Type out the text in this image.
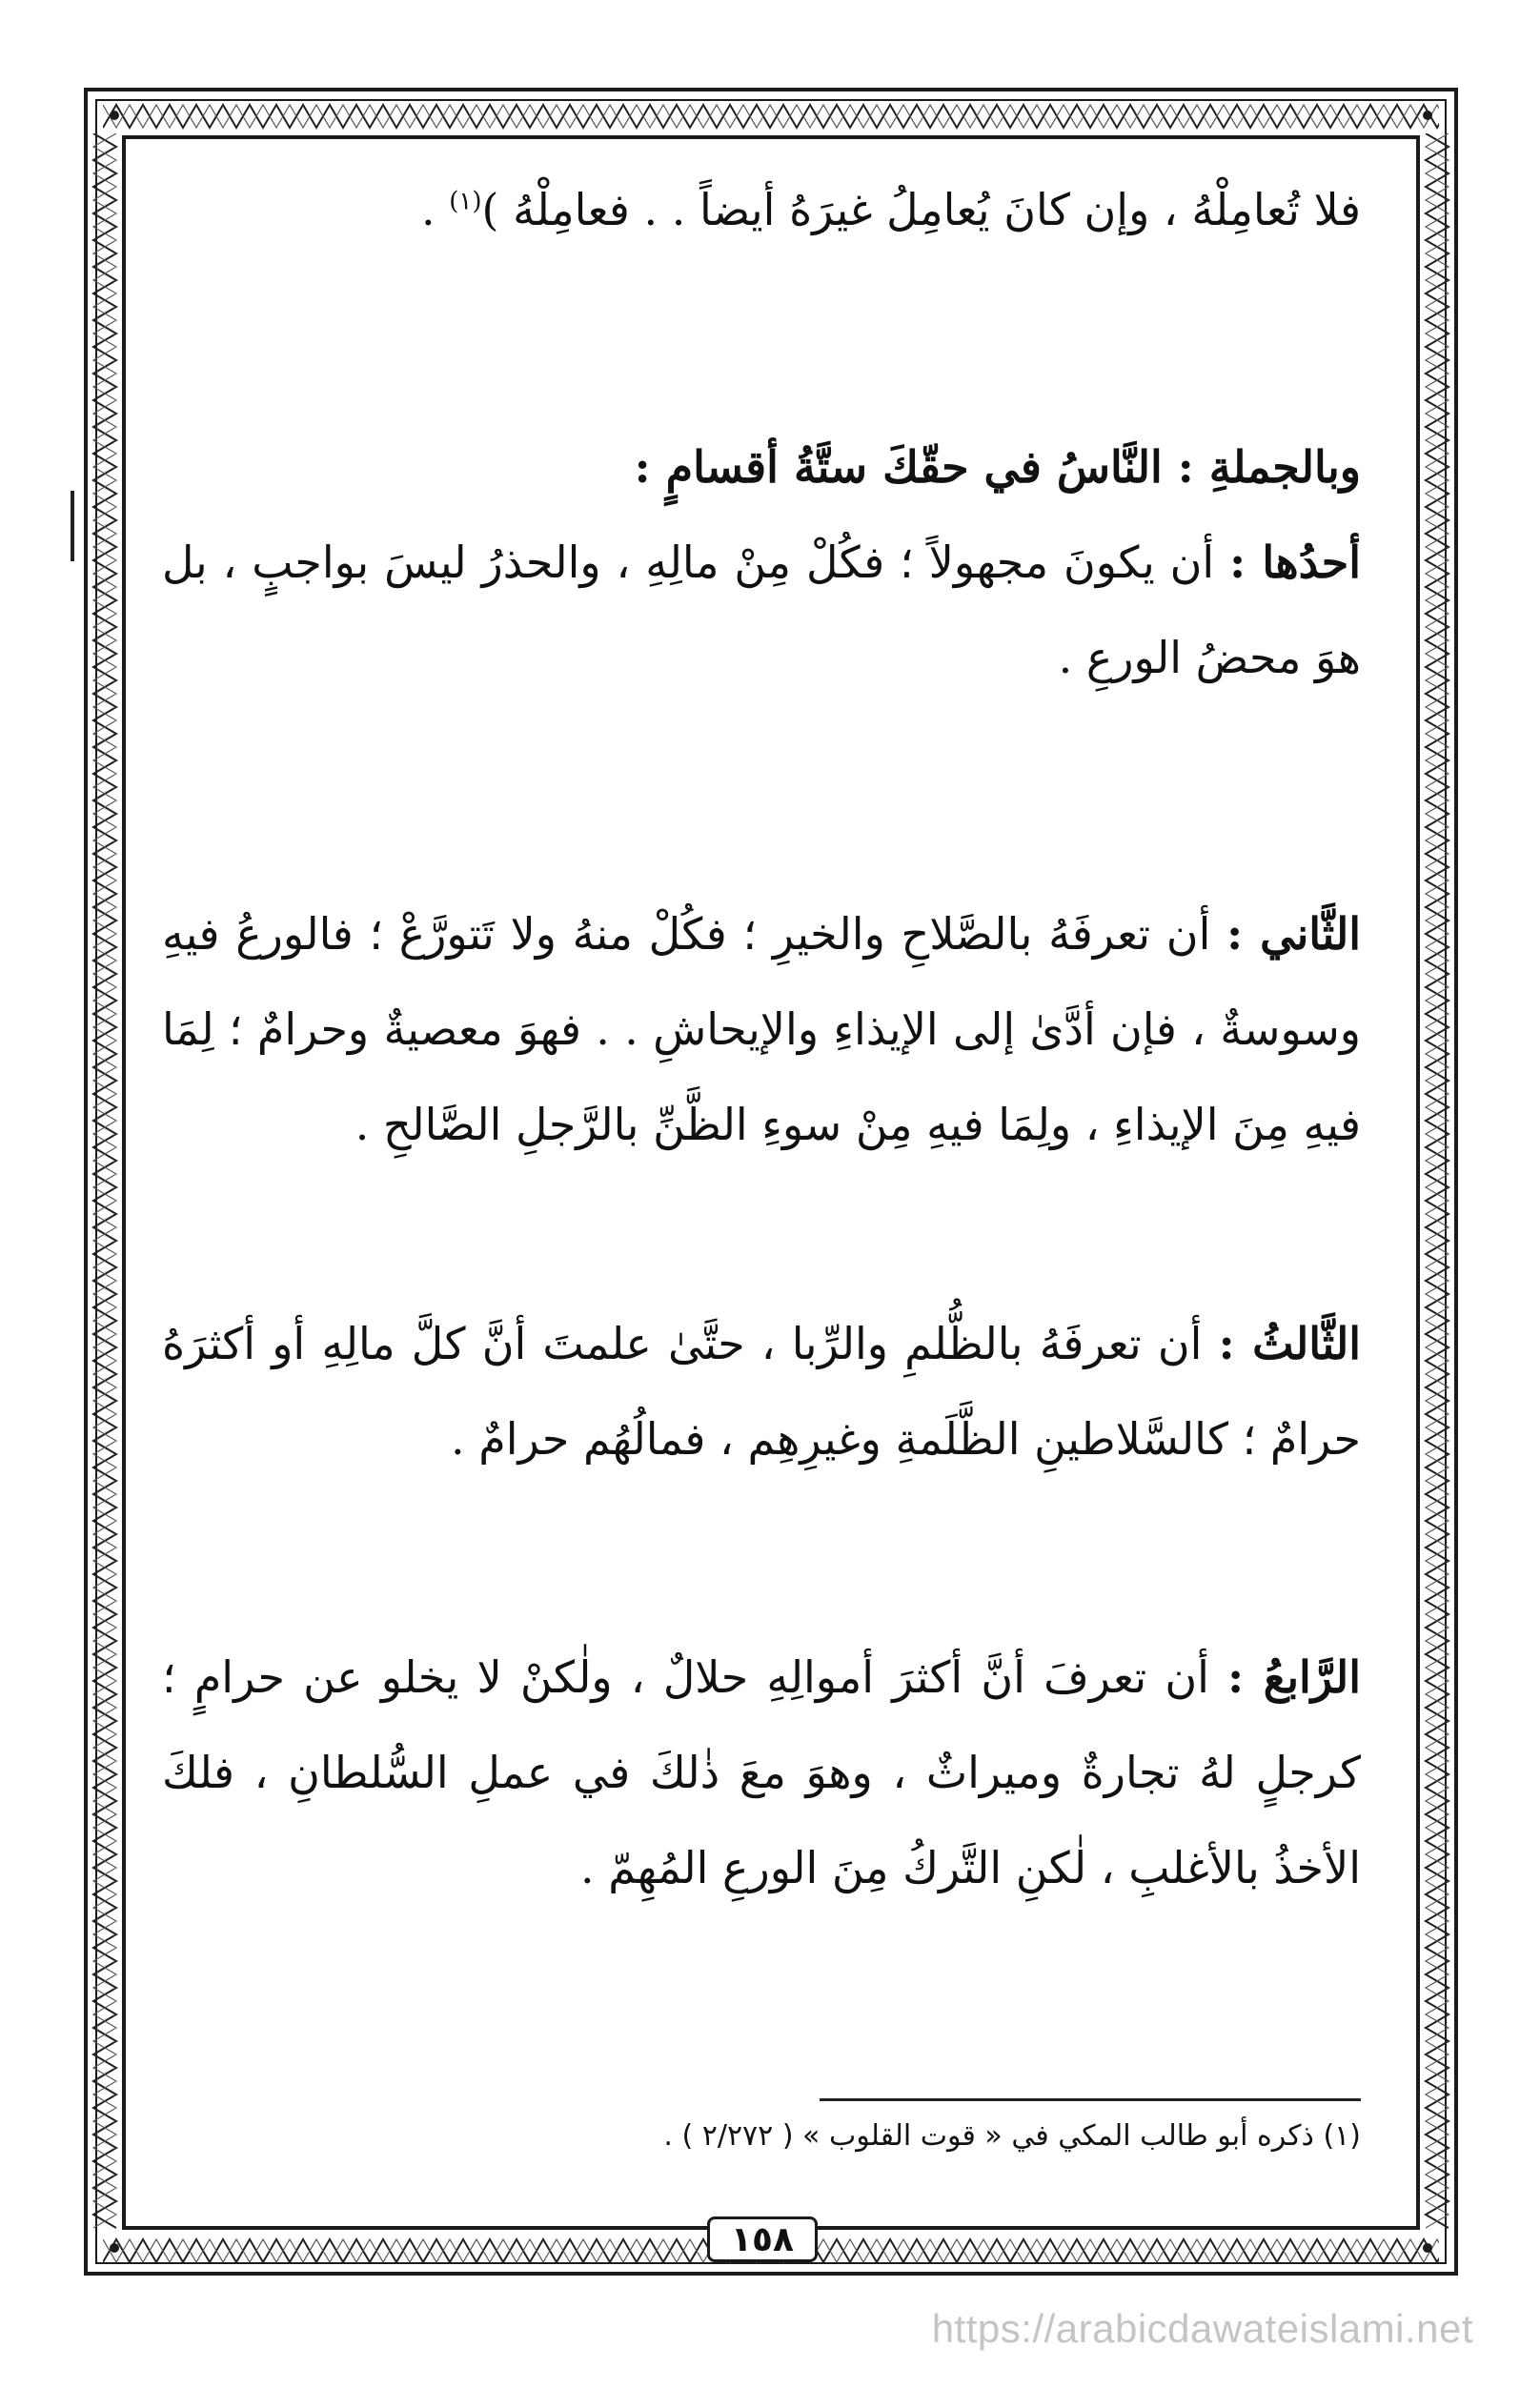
فلا تُعامِلْهُ ، وإن كانَ يُعامِلُ غيرَهُ أيضاً . . فعامِلْهُ )$^{(١)}$ .

وبالجملةِ : النَّاسُ في حقّكَ ستَّةُ أقسامٍ :

أحدُها : أن يكونَ مجهولاً ؛ فكُلْ مِنْ مالِهِ ، والحذرُ ليسَ بواجبٍ ، بل هوَ محضُ الورعِ .

الثَّاني : أن تعرفَهُ بالصَّلاحِ والخيرِ ؛ فكُلْ منهُ ولا تَتورَّعْ ؛ فالورعُ فيهِ وسوسةٌ ، فإن أدَّىٰ إلى الإيذاءِ والإيحاشِ . . فهوَ معصيةٌ وحرامٌ ؛ لِمَا فيهِ مِنَ الإيذاءِ ، ولِمَا فيهِ مِنْ سوءِ الظَّنِّ بالرَّجلِ الصَّالحِ .

الثَّالثُ : أن تعرفَهُ بالظُّلمِ والرِّبا ، حتَّىٰ علمتَ أنَّ كلَّ مالِهِ أو أكثرَهُ حرامٌ ؛ كالسَّلاطينِ الظَّلَمةِ وغيرِهِم ، فمالُهُم حرامٌ .

الرَّابعُ : أن تعرفَ أنَّ أكثرَ أموالِهِ حلالٌ ، ولٰكنْ لا يخلو عن حرامٍ ؛ كرجلٍ لهُ تجارةٌ وميراثٌ ، وهوَ معَ ذٰلكَ في عملِ السُّلطانِ ، فلكَ الأخذُ بالأغلبِ ، لٰكنِ التَّركُ مِنَ الورعِ المُهِمّ .

(١) ذكره أبو طالب المكي في « قوت القلوب » ( ٢/٢٧٢ ) .
١٥٨
https://arabicdawateislami.net
